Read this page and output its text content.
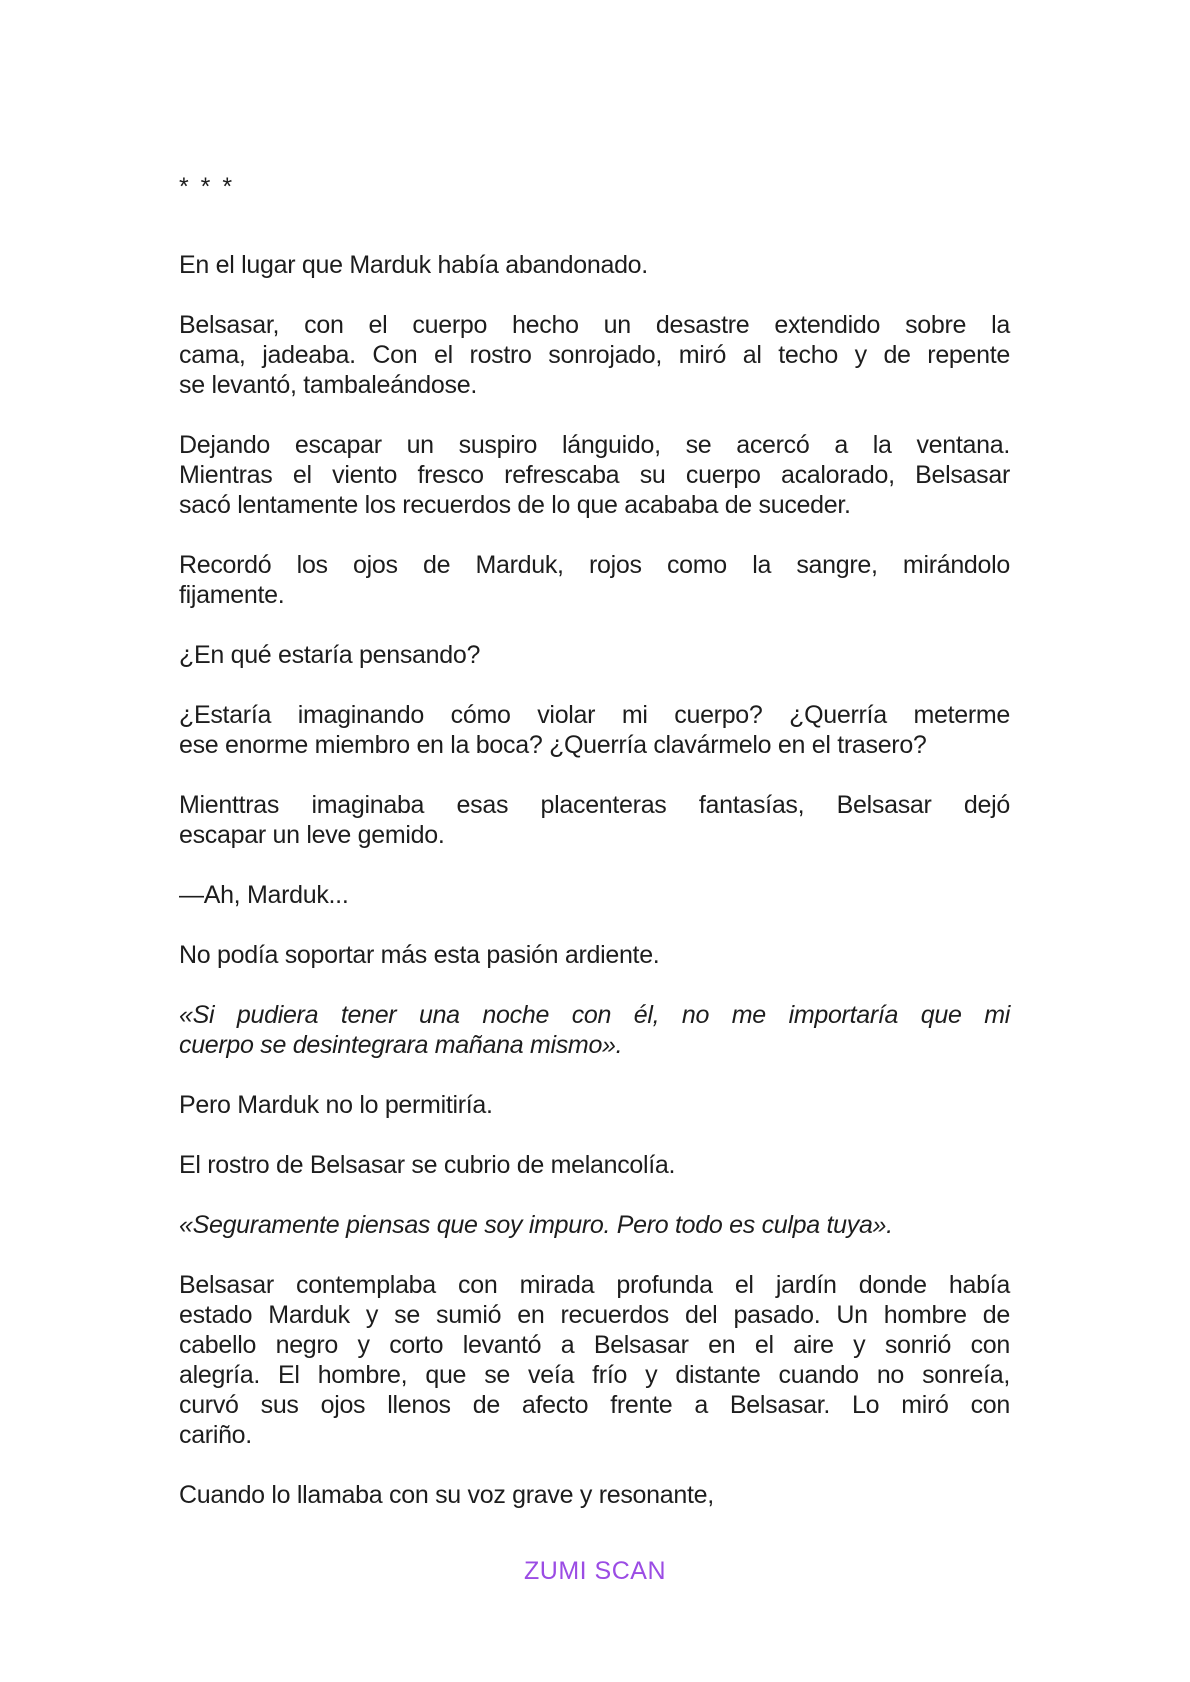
* * *

En el lugar que Marduk había abandonado.

Belsasar, con el cuerpo hecho un desastre extendido sobre la
cama, jadeaba. Con el rostro sonrojado, miró al techo y de repente
se levantó, tambaleándose.

Dejando escapar un suspiro lánguido, se acercó a la ventana.
Mientras el viento fresco refrescaba su cuerpo acalorado, Belsasar
sacó lentamente los recuerdos de lo que acababa de suceder.

Recordó los ojos de Marduk, rojos como la sangre, mirándolo
fijamente.

¿En qué estaría pensando?

¿Estaría imaginando cómo violar mi cuerpo? ¿Querría meterme
ese enorme miembro en la boca? ¿Querría clavármelo en el trasero?

Mienttras imaginaba esas placenteras fantasías, Belsasar dejó
escapar un leve gemido.

—Ah, Marduk...

No podía soportar más esta pasión ardiente.

«Si pudiera tener una noche con él, no me importaría que mi
cuerpo se desintegrara mañana mismo».

Pero Marduk no lo permitiría.

El rostro de Belsasar se cubrio de melancolía.

«Seguramente piensas que soy impuro. Pero todo es culpa tuya».

Belsasar contemplaba con mirada profunda el jardín donde había
estado Marduk y se sumió en recuerdos del pasado. Un hombre de
cabello negro y corto levantó a Belsasar en el aire y sonrió con
alegría. El hombre, que se veía frío y distante cuando no sonreía,
curvó sus ojos llenos de afecto frente a Belsasar. Lo miró con
cariño.

Cuando lo llamaba con su voz grave y resonante,

ZUMI SCAN
